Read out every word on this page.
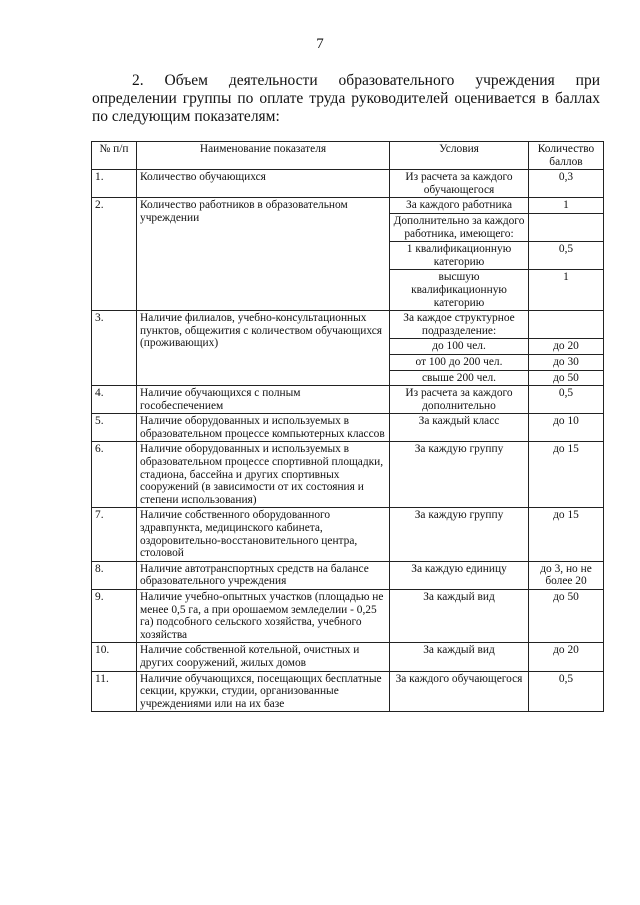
7
2. Объем деятельности образовательного учреждения при определении группы по оплате труда руководителей оценивается в баллах по следующим показателям:
№ п/п	Наименование показателя	Условия	Количество баллов
1.	Количество обучающихся	Из расчета за каждого обучающегося	0,3
2.	Количество работников в образовательном учреждении	За каждого работника	1
		Дополнительно за каждого работника, имеющего:	
		1 квалификационную категорию	0,5
		высшую квалификационную категорию	1
3.	Наличие филиалов, учебно-консультационных пунктов, общежития с количеством обучающихся (проживающих)	За каждое структурное подразделение:	
		до 100 чел.	до 20
		от 100 до 200 чел.	до 30
		свыше 200 чел.	до 50
4.	Наличие обучающихся с полным гособеспечением	Из расчета за каждого дополнительно	0,5
5.	Наличие оборудованных и используемых в образовательном процессе компьютерных классов	За каждый класс	до 10
6.	Наличие оборудованных и используемых в образовательном процессе спортивной площадки, стадиона, бассейна и других спортивных сооружений (в зависимости от их состояния и степени использования)	За каждую группу	до 15
7.	Наличие собственного оборудованного здравпункта, медицинского кабинета, оздоровительно-восстановительного центра, столовой	За каждую группу	до 15
8.	Наличие автотранспортных средств на балансе образовательного учреждения	За каждую единицу	до 3, но не более 20
9.	Наличие учебно-опытных участков (площадью не менее 0,5 га, а при орошаемом земледелии - 0,25 га) подсобного сельского хозяйства, учебного хозяйства	За каждый вид	до 50
10.	Наличие собственной котельной, очистных и других сооружений, жилых домов	За каждый вид	до 20
11.	Наличие обучающихся, посещающих бесплатные секции, кружки, студии, организованные учреждениями или на их базе	За каждого обучающегося	0,5
